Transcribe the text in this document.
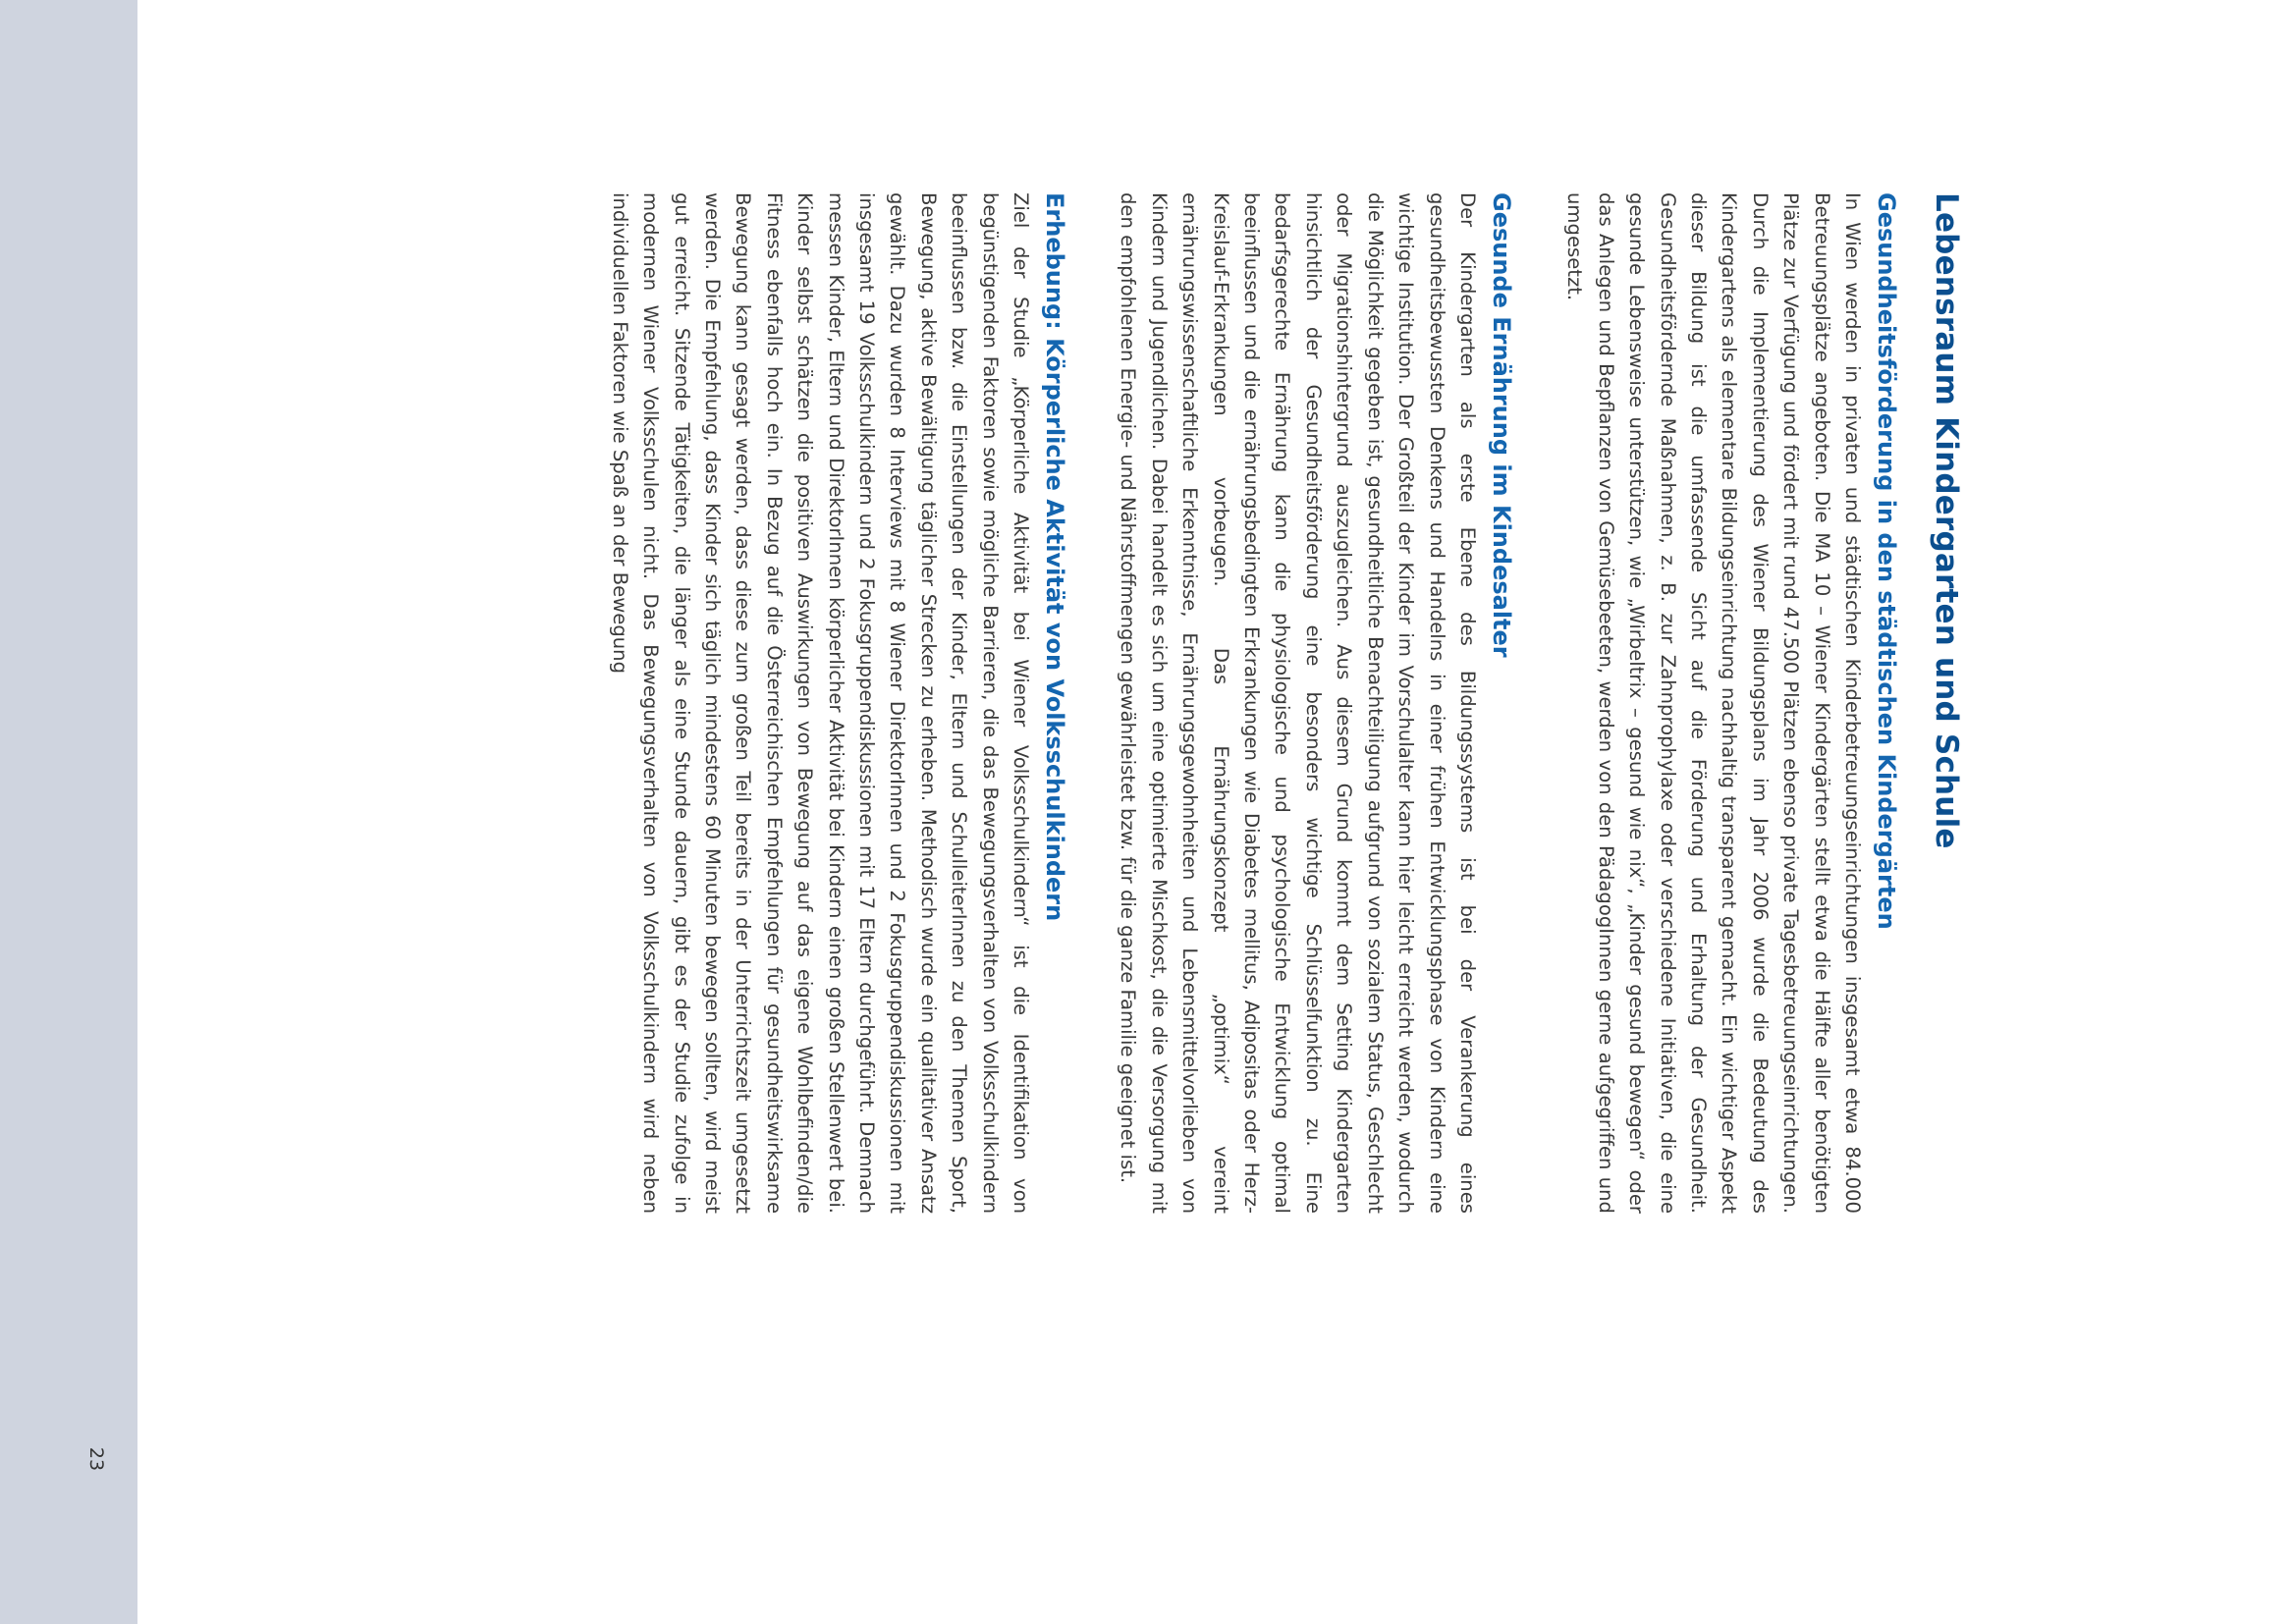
23
Lebensraum Kindergarten und Schule
Gesundheitsförderung in den städtischen Kindergärten

In Wien werden in privaten und städtischen Kinderbetreuungseinrichtungen insgesamt etwa 84.000 Betreuungsplätze angeboten. Die MA 10 – Wiener Kindergärten stellt etwa die Hälfte aller benötigten Plätze zur Verfügung und fördert mit rund 47.500 Plätzen ebenso private Tagesbetreuungseinrichtungen. Durch die Implementierung des Wiener Bildungsplans im Jahr 2006 wurde die Bedeutung des Kindergartens als elementare Bildungseinrichtung nachhaltig transparent gemacht. Ein wichtiger Aspekt dieser Bildung ist die umfassende Sicht auf die Förderung und Erhaltung der Gesundheit. Gesundheitsfördernde Maßnahmen, z. B. zur Zahnprophylaxe oder verschiedene Initiativen, die eine gesunde Lebensweise unterstützen, wie „Wirbeltrix – gesund wie nix“, „Kinder gesund bewegen“ oder das Anlegen und Bepflanzen von Gemüsebeeten, werden von den PädagogInnen gerne aufgegriffen und umgesetzt.

Gesunde Ernährung im Kindesalter

Der Kindergarten als erste Ebene des Bildungssystems ist bei der Verankerung eines gesundheitsbewussten Denkens und Handelns in einer frühen Entwicklungsphase von Kindern eine wichtige Institution. Der Großteil der Kinder im Vorschulalter kann hier leicht erreicht werden, wodurch die Möglichkeit gegeben ist, gesundheitliche Benachteiligung aufgrund von sozialem Status, Geschlecht oder Migrationshintergrund auszugleichen. Aus diesem Grund kommt dem Setting Kindergarten hinsichtlich der Gesundheitsförderung eine besonders wichtige Schlüsselfunktion zu. Eine bedarfsgerechte Ernährung kann die physiologische und psychologische Entwicklung optimal beeinflussen und die ernährungsbedingten Erkrankungen wie Diabetes mellitus, Adipositas oder Herz-Kreislauf-Erkrankungen vorbeugen. Das Ernährungskonzept „optimix“ vereint ernährungswissenschaftliche Erkenntnisse, Ernährungsgewohnheiten und Lebensmittelvorlieben von Kindern und Jugendlichen. Dabei handelt es sich um eine optimierte Mischkost, die die Versorgung mit den empfohlenen Energie- und Nährstoffmengen gewährleistet bzw. für die ganze Familie geeignet ist.

Erhebung: Körperliche Aktivität von Volksschulkindern

Ziel der Studie „Körperliche Aktivität bei Wiener Volksschulkindern“ ist die Identifikation von begünstigenden Faktoren sowie mögliche Barrieren, die das Bewegungsverhalten von Volksschulkindern beeinflussen bzw. die Einstellungen der Kinder, Eltern und SchulleiterInnen zu den Themen Sport, Bewegung, aktive Bewältigung täglicher Strecken zu erheben. Methodisch wurde ein qualitativer Ansatz gewählt. Dazu wurden 8 Interviews mit 8 Wiener DirektorInnen und 2 Fokusgruppendiskussionen mit insgesamt 19 Volksschulkindern und 2 Fokusgruppendiskussionen mit 17 Eltern durchgeführt. Demnach messen Kinder, Eltern und DirektorInnen körperlicher Aktivität bei Kindern einen großen Stellenwert bei. Kinder selbst schätzen die positiven Auswirkungen von Bewegung auf das eigene Wohlbefinden/die Fitness ebenfalls hoch ein. In Bezug auf die Österreichischen Empfehlungen für gesundheitswirksame Bewegung kann gesagt werden, dass diese zum großen Teil bereits in der Unterrichtszeit umgesetzt werden. Die Empfehlung, dass Kinder sich täglich mindestens 60 Minuten bewegen sollten, wird meist gut erreicht. Sitzende Tätigkeiten, die länger als eine Stunde dauern, gibt es der Studie zufolge in modernen Wiener Volksschulen nicht. Das Bewegungsverhalten von Volksschulkindern wird neben individuellen Faktoren wie Spaß an der Bewegung
